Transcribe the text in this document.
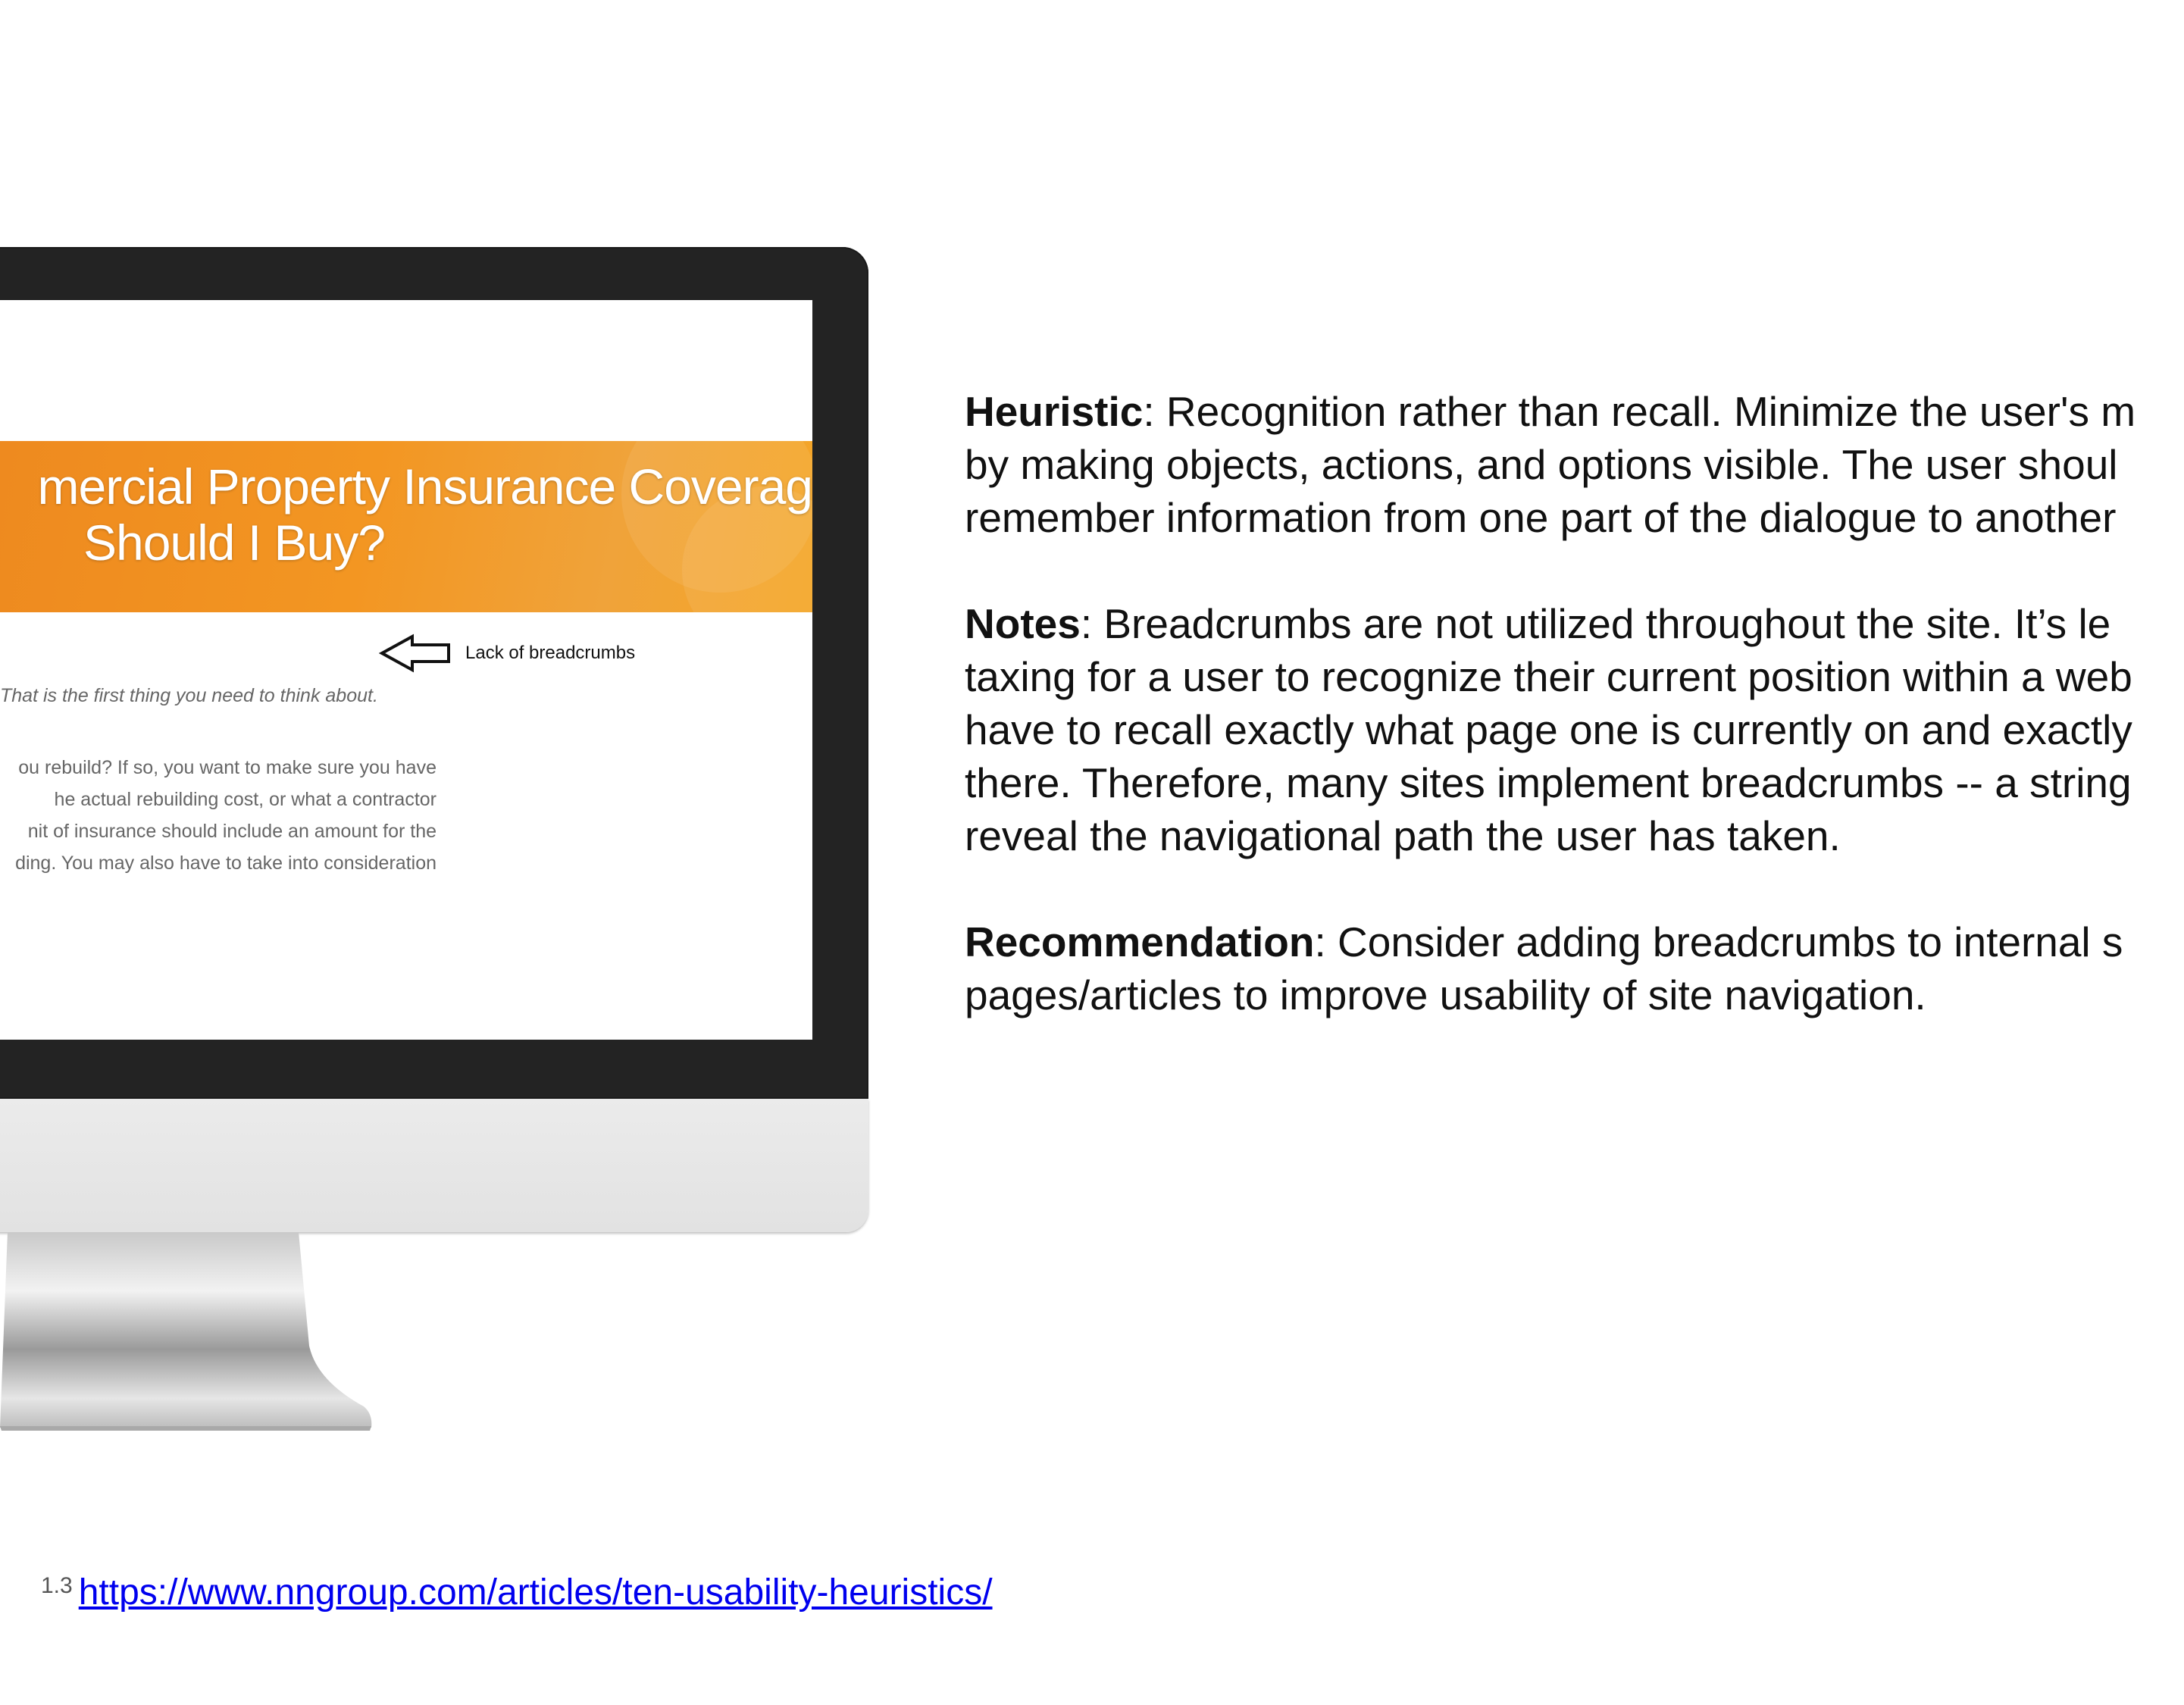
mercial Property Insurance Coverag
Should I Buy?
Lack of breadcrumbs
That is the first thing you need to think about.
ou rebuild? If so, you want to make sure you have
he actual rebuilding cost, or what a contractor
nit of insurance should include an amount for the
ding. You may also have to take into consideration

Heuristic: Recognition rather than recall. Minimize the user's m
by making objects, actions, and options visible. The user shoul
remember information from one part of the dialogue to another

Notes: Breadcrumbs are not utilized throughout the site. It’s le
taxing for a user to recognize their current position within a web
have to recall exactly what page one is currently on and exactly
there. Therefore, many sites implement breadcrumbs -- a string
reveal the navigational path the user has taken.

Recommendation: Consider adding breadcrumbs to internal s
pages/articles to improve usability of site navigation.

1.3 https://www.nngroup.com/articles/ten-usability-heuristics/
